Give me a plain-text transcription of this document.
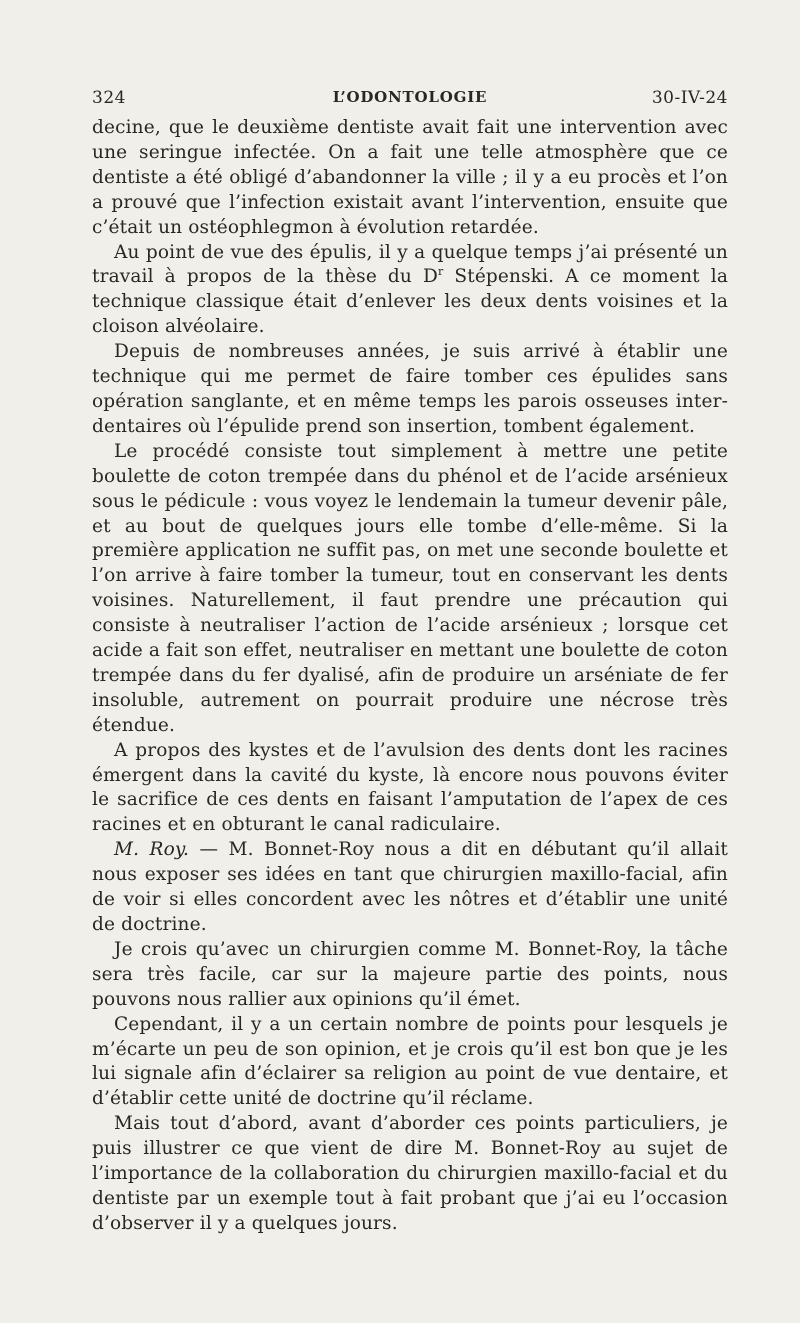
324	L’ODONTOLOGIE	30-IV-24

decine, que le deuxième dentiste avait fait une intervention avec une seringue infectée. On a fait une telle atmosphère que ce dentiste a été obligé d’abandonner la ville ; il y a eu procès et l’on a prouvé que l’infection existait avant l’intervention, ensuite que c’était un ostéophlegmon à évolution retardée.

Au point de vue des épulis, il y a quelque temps j’ai présenté un travail à propos de la thèse du $D^r$ Stépenski. A ce moment la technique classique était d’enlever les deux dents voisines et la cloison alvéolaire.

Depuis de nombreuses années, je suis arrivé à établir une technique qui me permet de faire tomber ces épulides sans opération sanglante, et en même temps les parois osseuses inter-dentaires où l’épulide prend son insertion, tombent également.

Le procédé consiste tout simplement à mettre une petite boulette de coton trempée dans du phénol et de l’acide arsénieux sous le pédicule : vous voyez le lendemain la tumeur devenir pâle, et au bout de quelques jours elle tombe d’elle-même. Si la première application ne suffit pas, on met une seconde boulette et l’on arrive à faire tomber la tumeur, tout en conservant les dents voisines. Naturellement, il faut prendre une précaution qui consiste à neutraliser l’action de l’acide arsénieux ; lorsque cet acide a fait son effet, neutraliser en mettant une boulette de coton trempée dans du fer dyalisé, afin de produire un arséniate de fer insoluble, autrement on pourrait produire une nécrose très étendue.

A propos des kystes et de l’avulsion des dents dont les racines émergent dans la cavité du kyste, là encore nous pouvons éviter le sacrifice de ces dents en faisant l’amputation de l’apex de ces racines et en obturant le canal radiculaire.

M. Roy. — M. Bonnet-Roy nous a dit en débutant qu’il allait nous exposer ses idées en tant que chirurgien maxillo-facial, afin de voir si elles concordent avec les nôtres et d’établir une unité de doctrine.

Je crois qu’avec un chirurgien comme M. Bonnet-Roy, la tâche sera très facile, car sur la majeure partie des points, nous pouvons nous rallier aux opinions qu’il émet.

Cependant, il y a un certain nombre de points pour lesquels je m’écarte un peu de son opinion, et je crois qu’il est bon que je les lui signale afin d’éclairer sa religion au point de vue dentaire, et d’établir cette unité de doctrine qu’il réclame.

Mais tout d’abord, avant d’aborder ces points particuliers, je puis illustrer ce que vient de dire M. Bonnet-Roy au sujet de l’importance de la collaboration du chirurgien maxillo-facial et du dentiste par un exemple tout à fait probant que j’ai eu l’occasion d’observer il y a quelques jours.
